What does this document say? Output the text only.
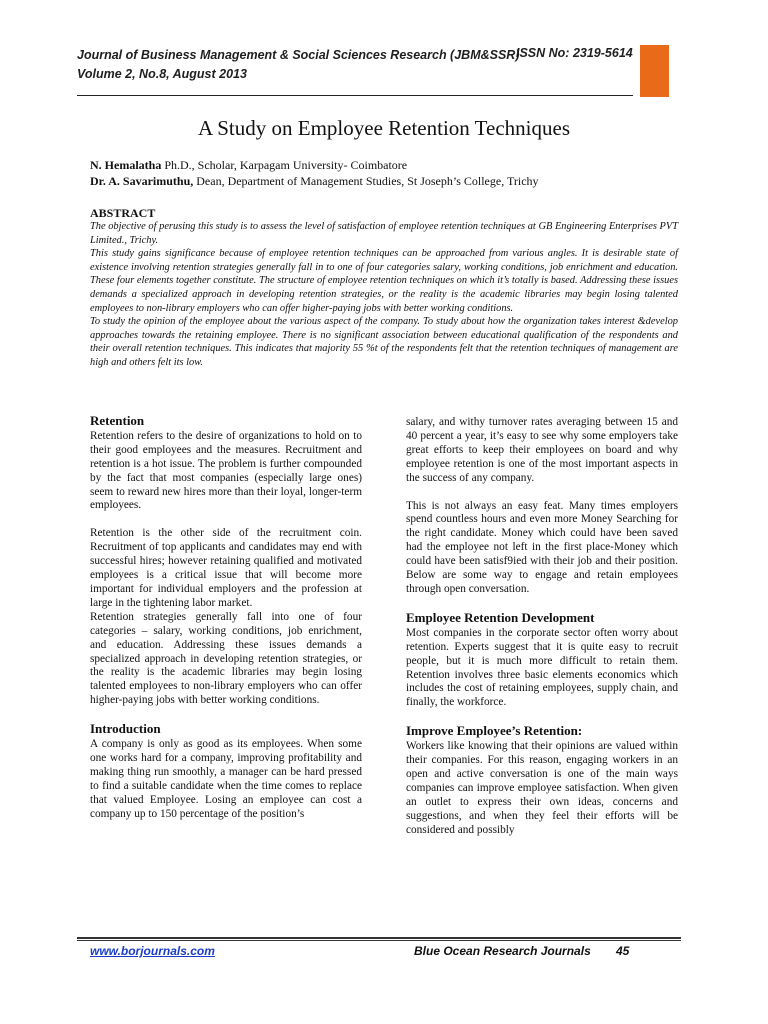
Journal of Business Management & Social Sciences Research (JBM&SSR)
Volume 2, No.8, August 2013
ISSN No: 2319-5614
A Study on Employee Retention Techniques
N. Hemalatha Ph.D., Scholar, Karpagam University- Coimbatore
Dr. A. Savarimuthu, Dean, Department of Management Studies, St Joseph’s College, Trichy
ABSTRACT

The objective of perusing this study is to assess the level of satisfaction of employee retention techniques at GB Engineering Enterprises PVT Limited., Trichy.

This study gains significance because of employee retention techniques can be approached from various angles. It is desirable state of existence involving retention strategies generally fall in to one of four categories salary, working conditions, job enrichment and education. These four elements together constitute. The structure of employee retention techniques on which it’s totally is based. Addressing these issues demands a specialized approach in developing retention strategies, or the reality is the academic libraries may begin losing talented employees to non-library employers who can offer higher-paying jobs with better working conditions.

To study the opinion of the employee about the various aspect of the company. To study about how the organization takes interest &develop approaches towards the retaining employee. There is no significant association between educational qualification of the respondents and their overall retention techniques. This indicates that majority 55 %t of the respondents felt that the retention techniques of management are high and others felt its low.

Retention

Retention refers to the desire of organizations to hold on to their good employees and the measures. Recruitment and retention is a hot issue. The problem is further compounded by the fact that most companies (especially large ones) seem to reward new hires more than their loyal, longer-term employees.

Retention is the other side of the recruitment coin. Recruitment of top applicants and candidates may end with successful hires; however retaining qualified and motivated employees is a critical issue that will become more important for individual employers and the profession at large in the tightening labor market.

Retention strategies generally fall into one of four categories – salary, working conditions, job enrichment, and education. Addressing these issues demands a specialized approach in developing retention strategies, or the reality is the academic libraries may begin losing talented employees to non-library employers who can offer higher-paying jobs with better working conditions.

Introduction

A company is only as good as its employees. When some one works hard for a company, improving profitability and making thing run smoothly, a manager can be hard pressed to find a suitable candidate when the time comes to replace that valued Employee. Losing an employee can cost a company up to 150 percentage of the position’s

salary, and withy turnover rates averaging between 15 and 40 percent a year, it’s easy to see why some employers take great efforts to keep their employees on board and why employee retention is one of the most important aspects in the success of any company.

This is not always an easy feat. Many times employers spend countless hours and even more Money Searching for the right candidate. Money which could have been saved had the employee not left in the first place-Money which could have been satisf9ied with their job and their position. Below are some way to engage and retain employees through open conversation.

Employee Retention Development

Most companies in the corporate sector often worry about retention. Experts suggest that it is quite easy to recruit people, but it is much more difficult to retain them. Retention involves three basic elements economics which includes the cost of retaining employees, supply chain, and finally, the workforce.

Improve Employee’s Retention:

Workers like knowing that their opinions are valued within their companies. For this reason, engaging workers in an open and active conversation is one of the main ways companies can improve employee satisfaction. When given an outlet to express their own ideas, concerns and suggestions, and when they feel their efforts will be considered and possibly

www.borjournals.com	Blue Ocean Research Journals 45
